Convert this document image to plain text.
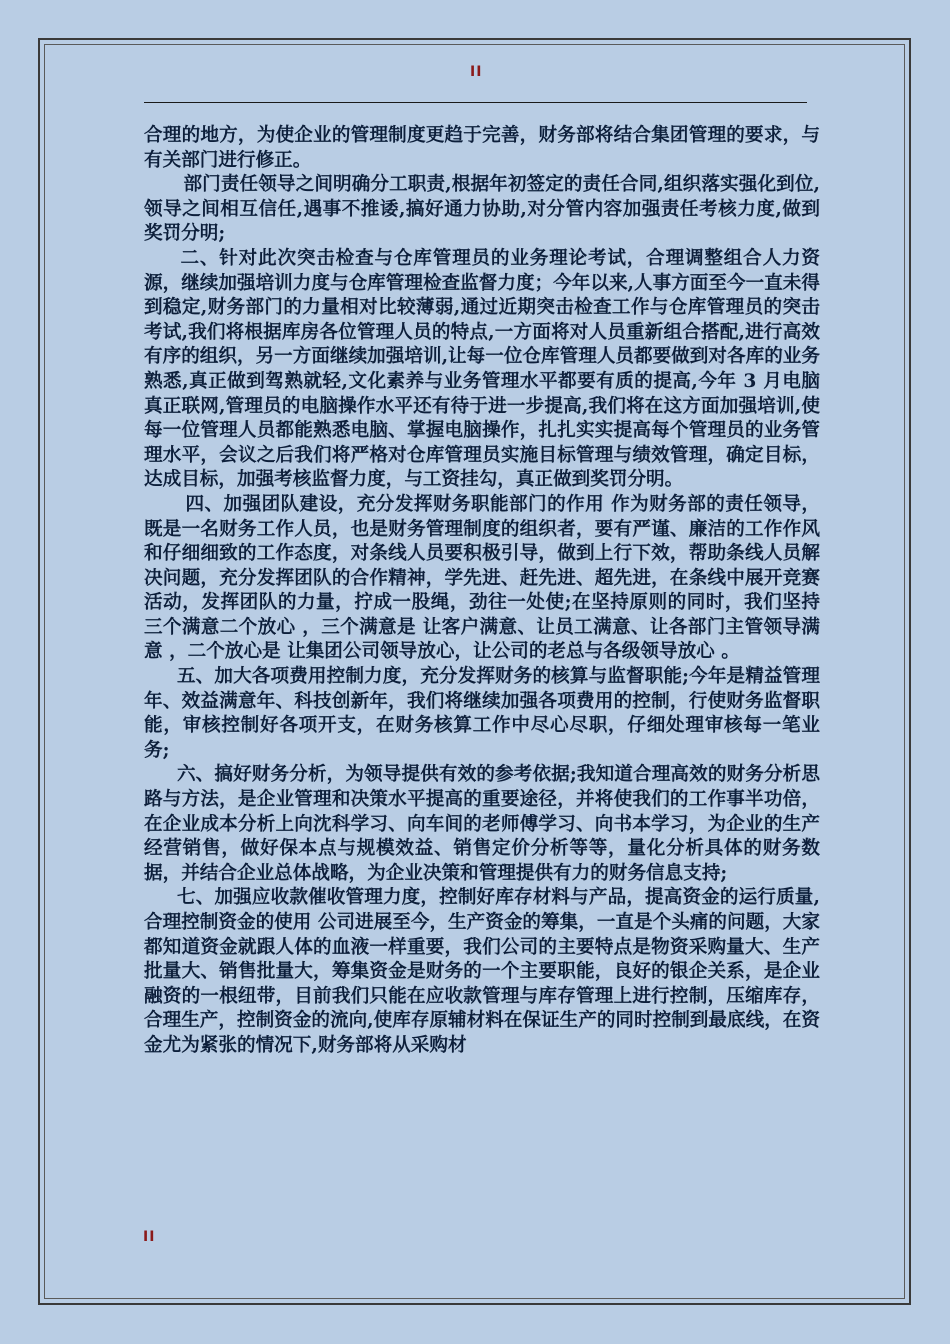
II

合理的地方，为使企业的管理制度更趋于完善，财务部将结合集团管理的要求，与有关部门进行修正。

部门责任领导之间明确分工职责,根据年初签定的责任合同,组织落实强化到位,领导之间相互信任,遇事不推诿,搞好通力协助,对分管内容加强责任考核力度,做到奖罚分明;

二、针对此次突击检查与仓库管理员的业务理论考试，合理调整组合人力资源，继续加强培训力度与仓库管理检查监督力度；今年以来,人事方面至今一直未得到稳定,财务部门的力量相对比较薄弱,通过近期突击检查工作与仓库管理员的突击考试,我们将根据库房各位管理人员的特点,一方面将对人员重新组合搭配,进行高效有序的组织，另一方面继续加强培训,让每一位仓库管理人员都要做到对各库的业务熟悉,真正做到驾熟就轻,文化素养与业务管理水平都要有质的提高,今年 3 月电脑真正联网,管理员的电脑操作水平还有待于进一步提高,我们将在这方面加强培训,使每一位管理人员都能熟悉电脑、掌握电脑操作，扎扎实实提高每个管理员的业务管理水平，会议之后我们将严格对仓库管理员实施目标管理与绩效管理，确定目标，达成目标，加强考核监督力度，与工资挂勾，真正做到奖罚分明。

四、加强团队建设，充分发挥财务职能部门的作用 作为财务部的责任领导，既是一名财务工作人员，也是财务管理制度的组织者，要有严谨、廉洁的工作作风和仔细细致的工作态度，对条线人员要积极引导，做到上行下效，帮助条线人员解决问题，充分发挥团队的合作精神，学先进、赶先进、超先进，在条线中展开竞赛活动，发挥团队的力量，拧成一股绳，劲往一处使;在坚持原则的同时，我们坚持 三个满意二个放心 ，三个满意是 让客户满意、让员工满意、让各部门主管领导满意 ，二个放心是 让集团公司领导放心，让公司的老总与各级领导放心 。

五、加大各项费用控制力度，充分发挥财务的核算与监督职能;今年是精益管理年、效益满意年、科技创新年，我们将继续加强各项费用的控制，行使财务监督职能，审核控制好各项开支，在财务核算工作中尽心尽职，仔细处理审核每一笔业务;

六、搞好财务分析，为领导提供有效的参考依据;我知道合理高效的财务分析思路与方法，是企业管理和决策水平提高的重要途径，并将使我们的工作事半功倍，在企业成本分析上向沈科学习、向车间的老师傅学习、向书本学习，为企业的生产经营销售，做好保本点与规模效益、销售定价分析等等，量化分析具体的财务数据，并结合企业总体战略，为企业决策和管理提供有力的财务信息支持;

七、加强应收款催收管理力度，控制好库存材料与产品，提高资金的运行质量,合理控制资金的使用 公司进展至今，生产资金的筹集，一直是个头痛的问题，大家都知道资金就跟人体的血液一样重要，我们公司的主要特点是物资采购量大、生产批量大、销售批量大，筹集资金是财务的一个主要职能，良好的银企关系，是企业融资的一根纽带，目前我们只能在应收款管理与库存管理上进行控制，压缩库存，合理生产，控制资金的流向,使库存原辅材料在保证生产的同时控制到最底线，在资金尤为紧张的情况下,财务部将从采购材

II
